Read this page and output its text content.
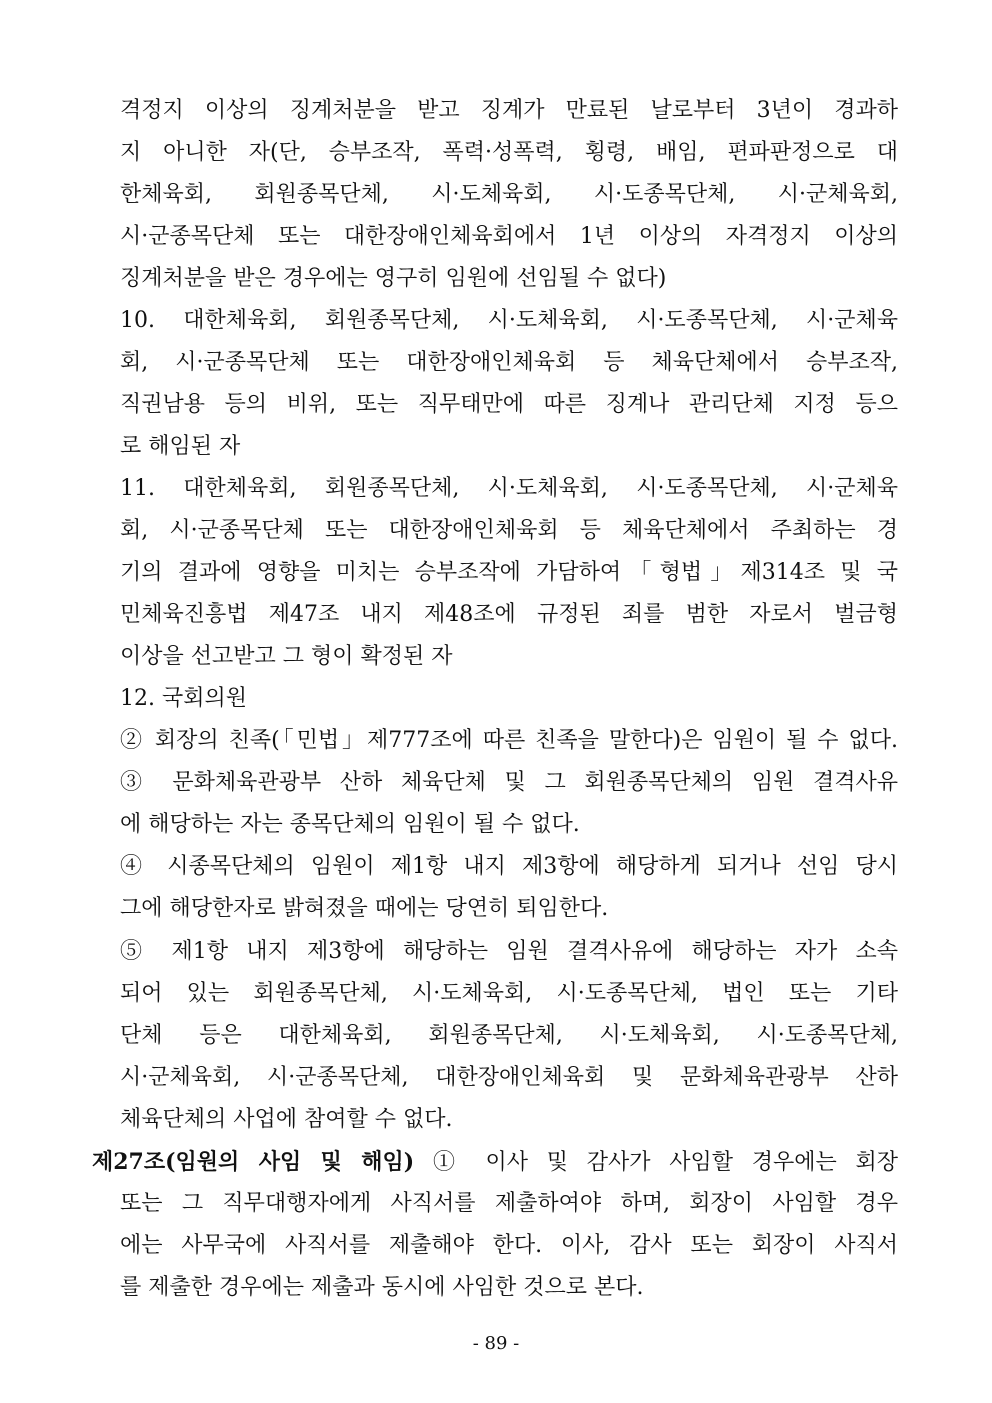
격정지 이상의 징계처분을 받고 징계가 만료된 날로부터 3년이 경과하
지 아니한 자(단, 승부조작, 폭력·성폭력, 횡령, 배임, 편파판정으로 대
한체육회, 회원종목단체, 시·도체육회, 시·도종목단체, 시·군체육회,
시·군종목단체 또는 대한장애인체육회에서 1년 이상의 자격정지 이상의
징계처분을 받은 경우에는 영구히 임원에 선임될 수 없다)
10. 대한체육회, 회원종목단체, 시·도체육회, 시·도종목단체, 시·군체육
회, 시·군종목단체 또는 대한장애인체육회 등 체육단체에서 승부조작,
직권남용 등의 비위, 또는 직무태만에 따른 징계나 관리단체 지정 등으
로 해임된 자
11. 대한체육회, 회원종목단체, 시·도체육회, 시·도종목단체, 시·군체육
회, 시·군종목단체 또는 대한장애인체육회 등 체육단체에서 주최하는 경
기의 결과에 영향을 미치는 승부조작에 가담하여「형법」제314조 및 국
민체육진흥법 제47조 내지 제48조에 규정된 죄를 범한 자로서 벌금형
이상을 선고받고 그 형이 확정된 자
12. 국회의원
② 회장의 친족(「민법」제777조에 따른 친족을 말한다)은 임원이 될 수 없다.
③ 문화체육관광부 산하 체육단체 및 그 회원종목단체의 임원 결격사유
에 해당하는 자는 종목단체의 임원이 될 수 없다.
④ 시종목단체의 임원이 제1항 내지 제3항에 해당하게 되거나 선임 당시
그에 해당한자로 밝혀졌을 때에는 당연히 퇴임한다.
⑤ 제1항 내지 제3항에 해당하는 임원 결격사유에 해당하는 자가 소속
되어 있는 회원종목단체, 시·도체육회, 시·도종목단체, 법인 또는 기타
단체 등은 대한체육회, 회원종목단체, 시·도체육회, 시·도종목단체,
시·군체육회, 시·군종목단체, 대한장애인체육회 및 문화체육관광부 산하
체육단체의 사업에 참여할 수 없다.
제27조(임원의 사임 및 해임) ① 이사 및 감사가 사임할 경우에는 회장
또는 그 직무대행자에게 사직서를 제출하여야 하며, 회장이 사임할 경우
에는 사무국에 사직서를 제출해야 한다. 이사, 감사 또는 회장이 사직서
를 제출한 경우에는 제출과 동시에 사임한 것으로 본다.
- 89 -
